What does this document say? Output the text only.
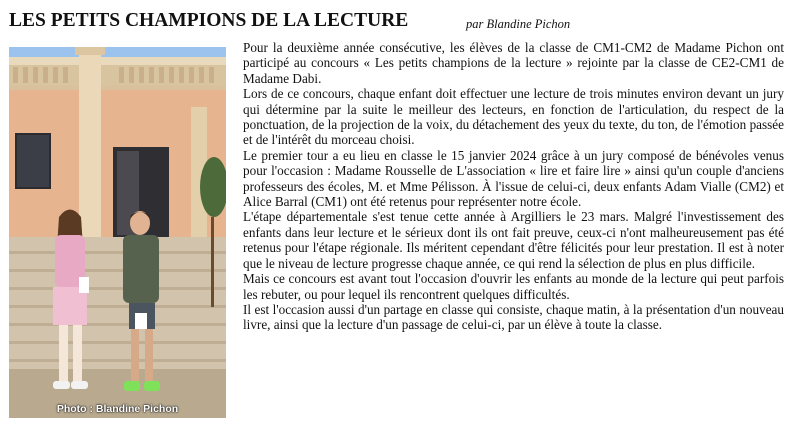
LES PETITS CHAMPIONS DE LA LECTURE	par Blandine Pichon
Photo : Blandine Pichon

Pour la deuxième année consécutive, les élèves de la classe de CM1-CM2 de Madame Pichon ont participé au concours « Les petits champions de la lecture » rejointe par la classe de CE2-CM1 de Madame Dabi.

Lors de ce concours, chaque enfant doit effectuer une lecture de trois minutes environ devant un jury qui détermine par la suite le meilleur des lecteurs, en fonction de l'articulation, du respect de la ponctuation, de la projection de la voix, du détachement des yeux du texte, du ton, de l'émotion passée et de l'intérêt du morceau choisi.

Le premier tour a eu lieu en classe le 15 janvier 2024 grâce à un jury composé de bénévoles venus pour l'occasion : Madame Rousselle de L'association « lire et faire lire » ainsi qu'un couple d'anciens professeurs des écoles, M. et Mme Pélisson. À l'issue de celui-ci, deux enfants Adam Vialle (CM2) et Alice Barral (CM1) ont été retenus pour représenter notre école.

L'étape départementale s'est tenue cette année à Argilliers le 23 mars. Malgré l'investissement des enfants dans leur lecture et le sérieux dont ils ont fait preuve, ceux-ci n'ont malheureusement pas été retenus pour l'étape régionale. Ils méritent cependant d'être félicités pour leur prestation. Il est à noter que le niveau de lecture progresse chaque année, ce qui rend la sélection de plus en plus difficile.

Mais ce concours est avant tout l'occasion d'ouvrir les enfants au monde de la lecture qui peut parfois les rebuter, ou pour lequel ils rencontrent quelques difficultés.

Il est l'occasion aussi d'un partage en classe qui consiste, chaque matin, à la présentation d'un nouveau livre, ainsi que la lecture d'un passage de celui-ci, par un élève à toute la classe.
